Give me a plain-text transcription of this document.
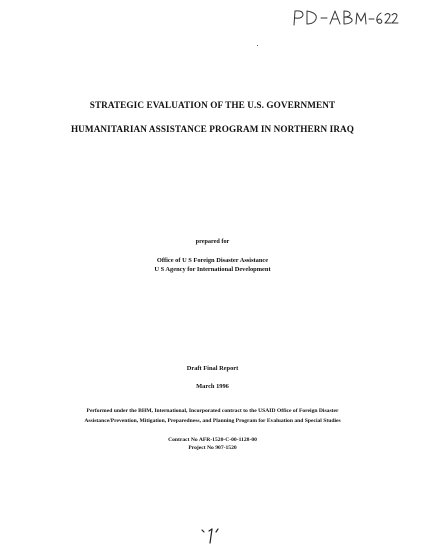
STRATEGIC EVALUATION OF THE U.S. GOVERNMENT
HUMANITARIAN ASSISTANCE PROGRAM IN NORTHERN IRAQ
prepared for
Office of U S Foreign Disaster Assistance
U S Agency for International Development
Draft Final Report
March 1996
Performed under the BHM, International, Incorporated contract to the USAID Office of Foreign Disaster
Assistance/Prevention, Mitigation, Preparedness, and Planning Program for Evaluation and Special Studies
Contract No AFR-1520-C-00-1128-00
Project No 907-1520
